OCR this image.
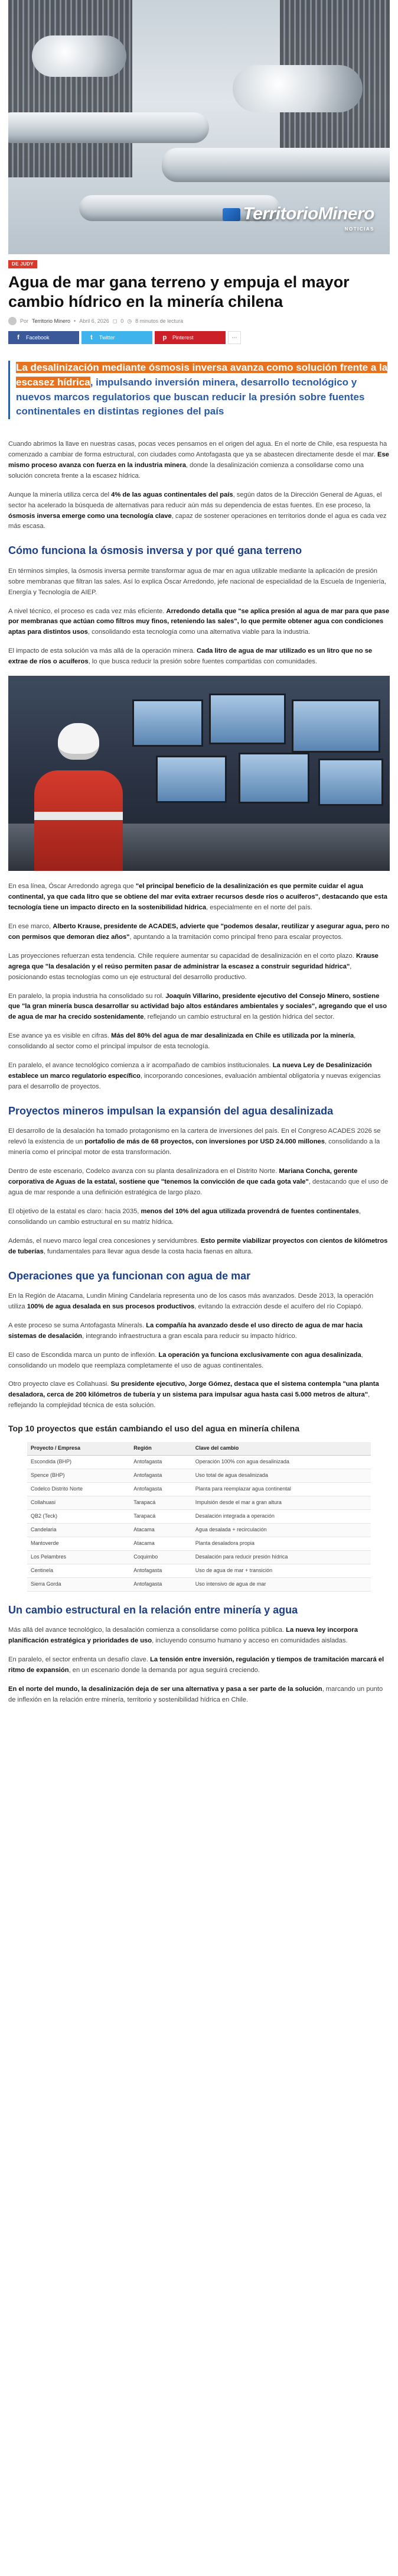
TerritorioMinero
NOTICIAS
DE JUDY
Agua de mar gana terreno y empuja el mayor cambio hídrico en la minería chilena
Por Territorio Minero • Abril 6, 2026 ◻ 0 ◷ 8 minutos de lectura
f	Facebook	t	Twitter	p Pinterest	⋯
La desalinización mediante ósmosis inversa avanza como solución frente a la escasez hídrica, impulsando inversión minera, desarrollo tecnológico y nuevos marcos regulatorios que buscan reducir la presión sobre fuentes continentales en distintas regiones del país

Cuando abrimos la llave en nuestras casas, pocas veces pensamos en el origen del agua. En el norte de Chile, esa respuesta ha comenzado a cambiar de forma estructural, con ciudades como Antofagasta que ya se abastecen directamente desde el mar. Ese mismo proceso avanza con fuerza en la industria minera, donde la desalinización comienza a consolidarse como una solución concreta frente a la escasez hídrica.

Aunque la minería utiliza cerca del 4% de las aguas continentales del país, según datos de la Dirección General de Aguas, el sector ha acelerado la búsqueda de alternativas para reducir aún más su dependencia de estas fuentes. En ese proceso, la ósmosis inversa emerge como una tecnología clave, capaz de sostener operaciones en territorios donde el agua es cada vez más escasa.

Cómo funciona la ósmosis inversa y por qué gana terreno

En términos simples, la ósmosis inversa permite transformar agua de mar en agua utilizable mediante la aplicación de presión sobre membranas que filtran las sales. Así lo explica Óscar Arredondo, jefe nacional de especialidad de la Escuela de Ingeniería, Energía y Tecnología de AIEP.

A nivel técnico, el proceso es cada vez más eficiente. Arredondo detalla que "se aplica presión al agua de mar para que pase por membranas que actúan como filtros muy finos, reteniendo las sales", lo que permite obtener agua con condiciones aptas para distintos usos, consolidando esta tecnología como una alternativa viable para la industria.

El impacto de esta solución va más allá de la operación minera. Cada litro de agua de mar utilizado es un litro que no se extrae de ríos o acuíferos, lo que busca reducir la presión sobre fuentes compartidas con comunidades.

En esa línea, Óscar Arredondo agrega que "el principal beneficio de la desalinización es que permite cuidar el agua continental, ya que cada litro que se obtiene del mar evita extraer recursos desde ríos o acuíferos", destacando que esta tecnología tiene un impacto directo en la sostenibilidad hídrica, especialmente en el norte del país.

En ese marco, Alberto Krause, presidente de ACADES, advierte que "podemos desalar, reutilizar y asegurar agua, pero no con permisos que demoran diez años", apuntando a la tramitación como principal freno para escalar proyectos.

Las proyecciones refuerzan esta tendencia. Chile requiere aumentar su capacidad de desalinización en el corto plazo. Krause agrega que "la desalación y el reúso permiten pasar de administrar la escasez a construir seguridad hídrica", posicionando estas tecnologías como un eje estructural del desarrollo productivo.

En paralelo, la propia industria ha consolidado su rol. Joaquín Villarino, presidente ejecutivo del Consejo Minero, sostiene que "la gran minería busca desarrollar su actividad bajo altos estándares ambientales y sociales", agregando que el uso de agua de mar ha crecido sostenidamente, reflejando un cambio estructural en la gestión hídrica del sector.

Ese avance ya es visible en cifras. Más del 80% del agua de mar desalinizada en Chile es utilizada por la minería, consolidando al sector como el principal impulsor de esta tecnología.

En paralelo, el avance tecnológico comienza a ir acompañado de cambios institucionales. La nueva Ley de Desalinización establece un marco regulatorio específico, incorporando concesiones, evaluación ambiental obligatoria y nuevas exigencias para el desarrollo de proyectos.

Proyectos mineros impulsan la expansión del agua desalinizada

El desarrollo de la desalación ha tomado protagonismo en la cartera de inversiones del país. En el Congreso ACADES 2026 se relevó la existencia de un portafolio de más de 68 proyectos, con inversiones por USD 24.000 millones, consolidando a la minería como el principal motor de esta transformación.

Dentro de este escenario, Codelco avanza con su planta desalinizadora en el Distrito Norte. Mariana Concha, gerente corporativa de Aguas de la estatal, sostiene que "tenemos la convicción de que cada gota vale", destacando que el uso de agua de mar responde a una definición estratégica de largo plazo.

El objetivo de la estatal es claro: hacia 2035, menos del 10% del agua utilizada provendrá de fuentes continentales, consolidando un cambio estructural en su matriz hídrica.

Además, el nuevo marco legal crea concesiones y servidumbres. Esto permite viabilizar proyectos con cientos de kilómetros de tuberías, fundamentales para llevar agua desde la costa hacia faenas en altura.

Operaciones que ya funcionan con agua de mar

En la Región de Atacama, Lundin Mining Candelaria representa uno de los casos más avanzados. Desde 2013, la operación utiliza 100% de agua desalada en sus procesos productivos, evitando la extracción desde el acuífero del río Copiapó.

A este proceso se suma Antofagasta Minerals. La compañía ha avanzado desde el uso directo de agua de mar hacia sistemas de desalación, integrando infraestructura a gran escala para reducir su impacto hídrico.

El caso de Escondida marca un punto de inflexión. La operación ya funciona exclusivamente con agua desalinizada, consolidando un modelo que reemplaza completamente el uso de aguas continentales.

Otro proyecto clave es Collahuasi. Su presidente ejecutivo, Jorge Gómez, destaca que el sistema contempla "una planta desaladora, cerca de 200 kilómetros de tubería y un sistema para impulsar agua hasta casi 5.000 metros de altura", reflejando la complejidad técnica de esta solución.

Top 10 proyectos que están cambiando el uso del agua en minería chilena
Proyecto / Empresa	Región	Clave del cambio
Escondida (BHP)	Antofagasta	Operación 100% con agua desalinizada
Spence (BHP)	Antofagasta	Uso total de agua desalinizada
Codelco Distrito Norte	Antofagasta	Planta para reemplazar agua continental
Collahuasi	Tarapacá	Impulsión desde el mar a gran altura
QB2 (Teck)	Tarapacá	Desalación integrada a operación
Candelaria	Atacama	Agua desalada + recirculación
Mantoverde	Atacama	Planta desaladora propia
Los Pelambres	Coquimbo	Desalación para reducir presión hídrica
Centinela	Antofagasta	Uso de agua de mar + transición
Sierra Gorda	Antofagasta	Uso intensivo de agua de mar
Un cambio estructural en la relación entre minería y agua

Más allá del avance tecnológico, la desalación comienza a consolidarse como política pública. La nueva ley incorpora planificación estratégica y prioridades de uso, incluyendo consumo humano y acceso en comunidades aisladas.

En paralelo, el sector enfrenta un desafío clave. La tensión entre inversión, regulación y tiempos de tramitación marcará el ritmo de expansión, en un escenario donde la demanda por agua seguirá creciendo.

En el norte del mundo, la desalinización deja de ser una alternativa y pasa a ser parte de la solución, marcando un punto de inflexión en la relación entre minería, territorio y sostenibilidad hídrica en Chile.
